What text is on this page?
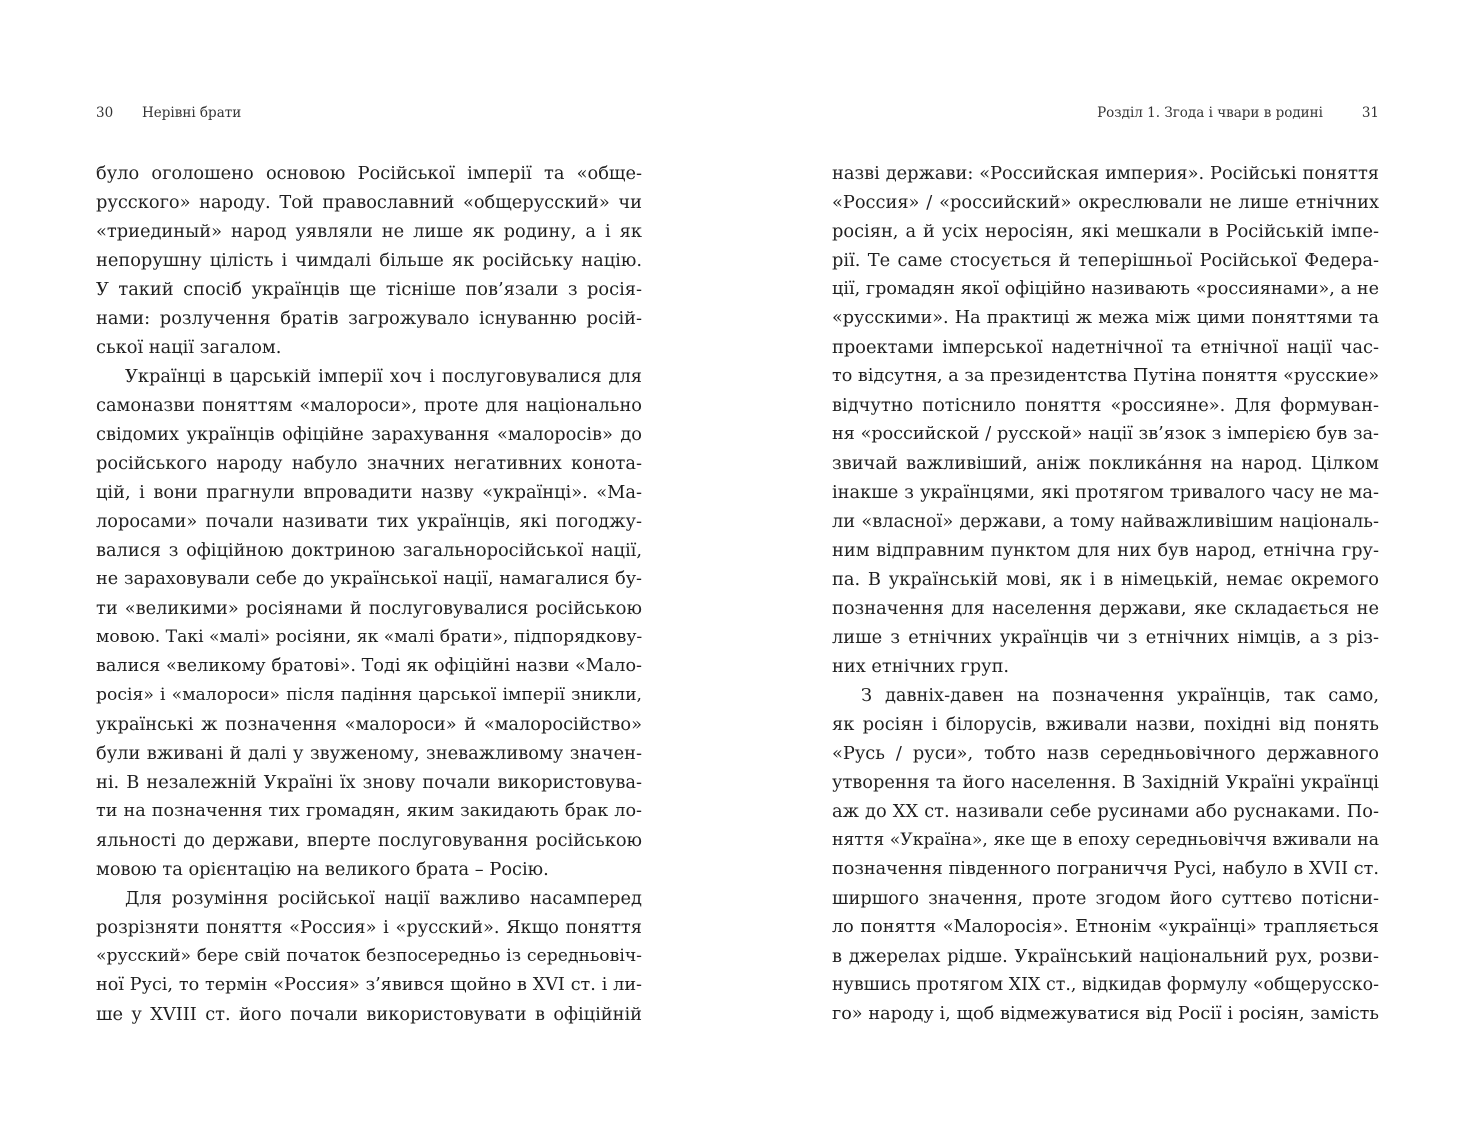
30 Нерівні брати
було оголошено основою Російської імперії та «обще-
русского» народу. Той православний «общерусский» чи
«триединый» народ уявляли не лише як родину, а і як
непорушну цілість і чимдалі більше як російську націю.
У такий спосіб українців ще тісніше пов’язали з росія-
нами: розлучення братів загрожувало існуванню росій-
ської нації загалом.
Українці в царській імперії хоч і послуговувалися для
самоназви поняттям «малороси», проте для національно
свідомих українців офіційне зарахування «малоросів» до
російського народу набуло значних негативних конота-
цій, і вони прагнули впровадити назву «українці». «Ма-
лоросами» почали називати тих українців, які погоджу-
валися з офіційною доктриною загальноросійської нації,
не зараховували себе до української нації, намагалися бу-
ти «великими» росіянами й послуговувалися російською
мовою. Такі «малі» росіяни, як «малі брати», підпорядкову-
валися «великому братові». Тоді як офіційні назви «Мало-
росія» і «малороси» після падіння царської імперії зникли,
українські ж позначення «малороси» й «малоросійство»
були вживані й далі у звуженому, зневажливому значен-
ні. В незалежній Україні їх знову почали використовува-
ти на позначення тих громадян, яким закидають брак ло-
яльності до держави, вперте послуговування російською
мовою та орієнтацію на великого брата – Росію.
Для розуміння російської нації важливо насамперед
розрізняти поняття «Россия» і «русский». Якщо поняття
«русский» бере свій початок безпосередньо із середньовіч-
ної Русі, то термін «Россия» з’явився щойно в XVI ст. і ли-
ше у XVIII ст. його почали використовувати в офіційній
Розділ 1. Згода і чвари в родині	31
назві держави: «Российская империя». Російські поняття
«Россия» / «российский» окреслювали не лише етнічних
росіян, а й усіх неросіян, які мешкали в Російській імпе-
рії. Те саме стосується й теперішньої Російської Федера-
ції, громадян якої офіційно називають «россиянами», а не
«русскими». На практиці ж межа між цими поняттями та
проектами імперської надетнічної та етнічної нації час-
то відсутня, а за президентства Путіна поняття «русские»
відчутно потіснило поняття «россияне». Для формуван-
ня «российской / русской» нації зв’язок з імперією був за-
звичай важливіший, аніж поклика́ння на народ. Цілком
інакше з українцями, які протягом тривалого часу не ма-
ли «власної» держави, а тому найважливішим національ-
ним відправним пунктом для них був народ, етнічна гру-
па. В українській мові, як і в німецькій, немає окремого
позначення для населення держави, яке складається не
лише з етнічних українців чи з етнічних німців, а з різ-
них етнічних груп.
З давніх-давен на позначення українців, так само,
як росіян і білорусів, вживали назви, похідні від понять
«Русь / руси», тобто назв середньовічного державного
утворення та його населення. В Західній Україні українці
аж до XX ст. називали себе русинами або руснаками. По-
няття «Україна», яке ще в епоху середньовіччя вживали на
позначення південного пограниччя Русі, набуло в XVII ст.
ширшого значення, проте згодом його суттєво потісни-
ло поняття «Малоросія». Етнонім «українці» трапляється
в джерелах рідше. Український національний рух, розви-
нувшись протягом XIX ст., відкидав формулу «общерусско-
го» народу і, щоб відмежуватися від Росії і росіян, замість
